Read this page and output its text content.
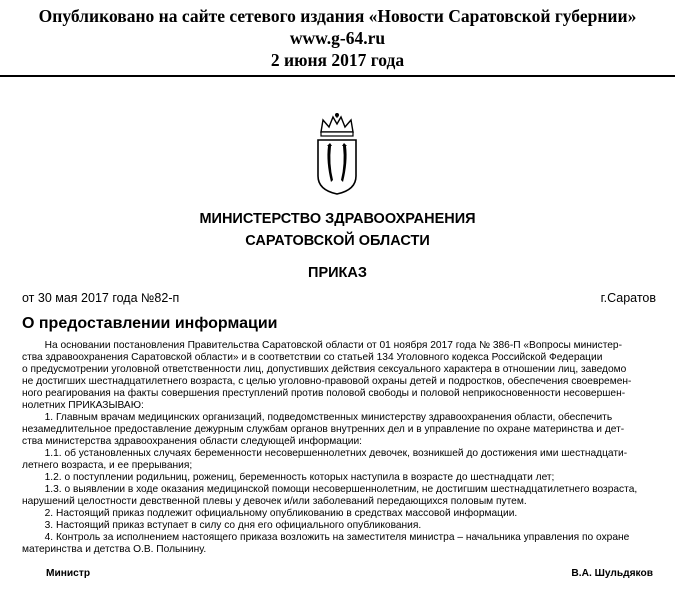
Опубликовано на сайте сетевого издания «Новости Саратовской губернии»
www.g-64.ru
2 июня 2017 года
МИНИСТЕРСТВО ЗДРАВООХРАНЕНИЯ
САРАТОВСКОЙ ОБЛАСТИ
ПРИКАЗ
от 30 мая 2017 года №82-п	г.Саратов
О предоставлении информации
На основании постановления Правительства Саратовской области от 01 ноября 2017 года № 386-П «Вопросы министер-
ства здравоохранения Саратовской области» и в соответствии со статьей 134 Уголовного кодекса Российской Федерации
о предусмотрении уголовной ответственности лиц, допустивших действия сексуального характера в отношении лиц, заведомо
не достигших шестнадцатилетнего возраста, с целью уголовно-правовой охраны детей и подростков, обеспечения своевремен-
ного реагирования на факты совершения преступлений против половой свободы и половой неприкосновенности несовершен-
нолетних ПРИКАЗЫВАЮ:
1. Главным врачам медицинских организаций, подведомственных министерству здравоохранения области, обеспечить
незамедлительное предоставление дежурным службам органов внутренних дел и в управление по охране материнства и дет-
ства министерства здравоохранения области следующей информации:
1.1. об установленных случаях беременности несовершеннолетних девочек, возникшей до достижения ими шестнадцати-
летнего возраста, и ее прерывания;
1.2. о поступлении родильниц, рожениц, беременность которых наступила в возрасте до шестнадцати лет;
1.3. о выявлении в ходе оказания медицинской помощи несовершеннолетним, не достигшим шестнадцатилетнего возраста,
нарушений целостности девственной плевы у девочек и/или заболеваний передающихся половым путем.
2. Настоящий приказ подлежит официальному опубликованию в средствах массовой информации.
3. Настоящий приказ вступает в силу со дня его официального опубликования.
4. Контроль за исполнением настоящего приказа возложить на заместителя министра – начальника управления по охране
материнства и детства О.В. Полынину.
Министр	В.А. Шульдяков
